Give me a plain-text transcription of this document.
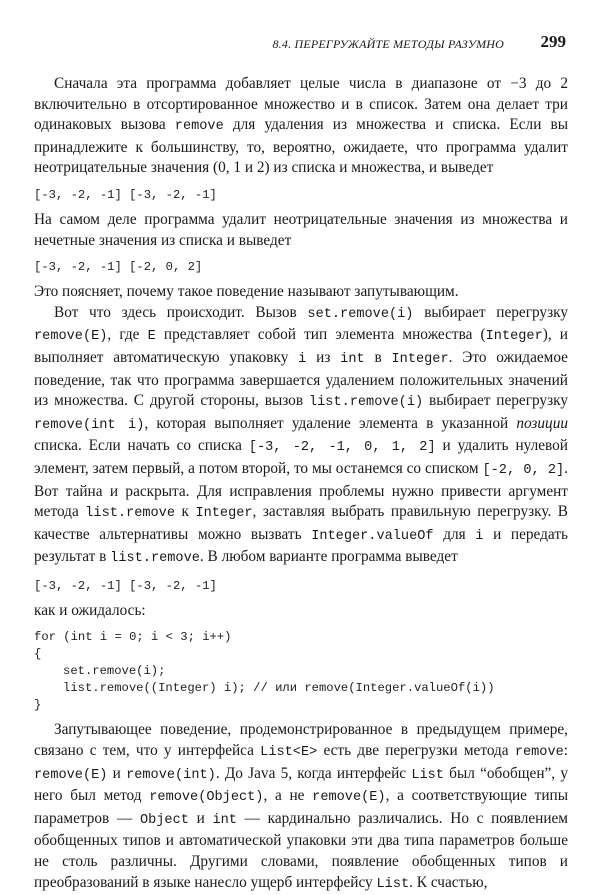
8.4. ПЕРЕГРУЖАЙТЕ МЕТОДЫ РАЗУМНО 299

Сначала эта программа добавляет целые числа в диапазоне от −3 до 2 включительно в отсортированное множество и в список. Затем она делает три одинаковых вызова remove для удаления из множества и списка. Если вы принадлежите к большинству, то, вероятно, ожидаете, что программа удалит неотрицательные значения (0, 1 и 2) из списка и множества, и выведет

[-3, -2, -1] [-3, -2, -1]

На самом деле программа удалит неотрицательные значения из множества и нечетные значения из списка и выведет

[-3, -2, -1] [-2, 0, 2]

Это поясняет, почему такое поведение называют запутывающим.

Вот что здесь происходит. Вызов set.remove(i) выбирает перегрузку remove(E), где E представляет собой тип элемента множества (Integer), и выполняет автоматическую упаковку i из int в Integer. Это ожидаемое поведение, так что программа завершается удалением положительных значений из множества. С другой стороны, вызов list.remove(i) выбирает перегрузку remove(int i), которая выполняет удаление элемента в указанной позиции списка. Если начать со списка [-3, -2, -1, 0, 1, 2] и удалить нулевой элемент, затем первый, а потом второй, то мы останемся со списком [-2, 0, 2]. Вот тайна и раскрыта. Для исправления проблемы нужно привести аргумент метода list.remove к Integer, заставляя выбрать правильную перегрузку. В качестве альтернативы можно вызвать Integer.valueOf для i и передать результат в list.remove. В любом варианте программа выведет

[-3, -2, -1] [-3, -2, -1]

как и ожидалось:

for (int i = 0; i < 3; i++)
{
set.remove(i);
list.remove((Integer) i); // или remove(Integer.valueOf(i))
}

Запутывающее поведение, продемонстрированное в предыдущем примере, связано с тем, что у интерфейса List<E> есть две перегрузки метода remove: remove(E) и remove(int). До Java 5, когда интерфейс List был “обобщен”, у него был метод remove(Object), а не remove(E), а соответствующие типы параметров — Object и int — кардинально различались. Но с появлением обобщенных типов и автоматической упаковки эти два типа параметров больше не столь различны. Другими словами, появление обобщенных типов и преобразований в языке нанесло ущерб интерфейсу List. К счастью,
